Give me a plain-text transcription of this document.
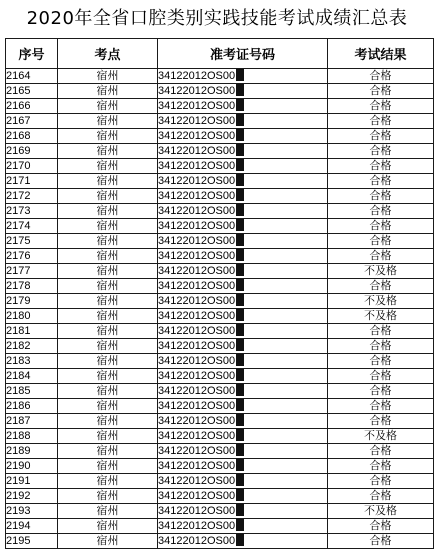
2020年全省口腔类别实践技能考试成绩汇总表
序号	考点	准考证号码	考试结果
2164	宿州	34122012OS00	合格
2165	宿州	34122012OS00	合格
2166	宿州	34122012OS00	合格
2167	宿州	34122012OS00	合格
2168	宿州	34122012OS00	合格
2169	宿州	34122012OS00	合格
2170	宿州	34122012OS00	合格
2171	宿州	34122012OS00	合格
2172	宿州	34122012OS00	合格
2173	宿州	34122012OS00	合格
2174	宿州	34122012OS00	合格
2175	宿州	34122012OS00	合格
2176	宿州	34122012OS00	合格
2177	宿州	34122012OS00	不及格
2178	宿州	34122012OS00	合格
2179	宿州	34122012OS00	不及格
2180	宿州	34122012OS00	不及格
2181	宿州	34122012OS00	合格
2182	宿州	34122012OS00	合格
2183	宿州	34122012OS00	合格
2184	宿州	34122012OS00	合格
2185	宿州	34122012OS00	合格
2186	宿州	34122012OS00	合格
2187	宿州	34122012OS00	合格
2188	宿州	34122012OS00	不及格
2189	宿州	34122012OS00	合格
2190	宿州	34122012OS00	合格
2191	宿州	34122012OS00	合格
2192	宿州	34122012OS00	合格
2193	宿州	34122012OS00	不及格
2194	宿州	34122012OS00	合格
2195	宿州	34122012OS00	合格
